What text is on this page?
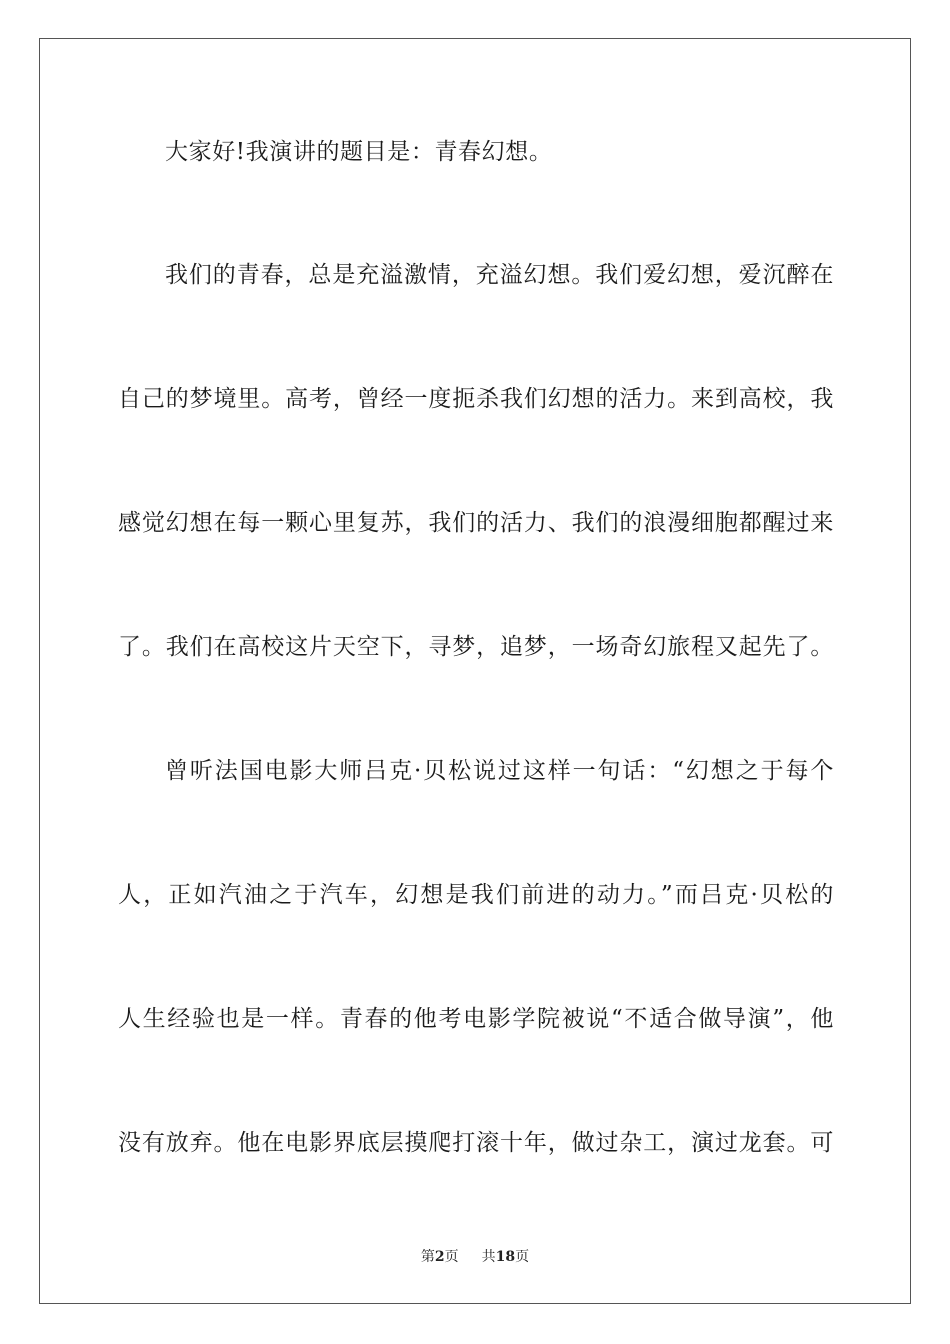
大家好!我演讲的题目是：青春幻想。
我们的青春，总是充溢激情，充溢幻想。我们爱幻想，爱沉醉在
自己的梦境里。高考，曾经一度扼杀我们幻想的活力。来到高校，我
感觉幻想在每一颗心里复苏，我们的活力、我们的浪漫细胞都醒过来
了。我们在高校这片天空下，寻梦，追梦，一场奇幻旅程又起先了。
曾听法国电影大师吕克·贝松说过这样一句话：“幻想之于每个
人，正如汽油之于汽车，幻想是我们前进的动力。”而吕克·贝松的
人生经验也是一样。青春的他考电影学院被说“不适合做导演”，他
没有放弃。他在电影界底层摸爬打滚十年，做过杂工，演过龙套。可
第2页 共18页
